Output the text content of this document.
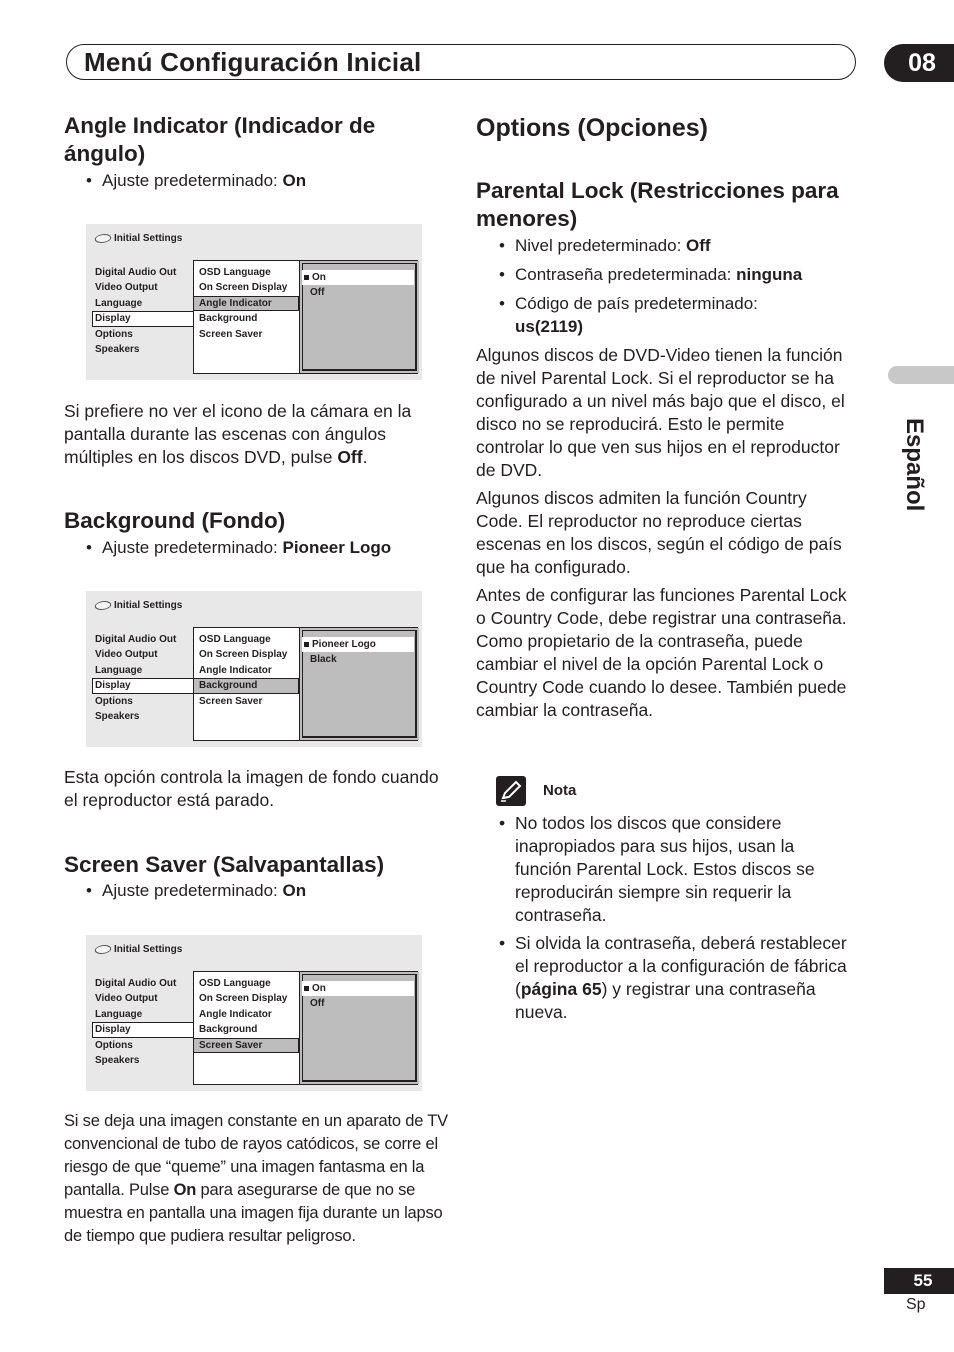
Menú Configuración Inicial	08
Español
Angle Indicator (Indicador de ángulo)
• Ajuste predeterminado: On
Initial Settings
Digital Audio Out
Video Output
Language
Display
Options
Speakers
OSD Language
On Screen Display
Angle Indicator
Background
Screen Saver
On
Off

Si prefiere no ver el icono de la cámara en la pantalla durante las escenas con ángulos múltiples en los discos DVD, pulse Off.

Background (Fondo)
• Ajuste predeterminado: Pioneer Logo
Initial Settings
Digital Audio Out
Video Output
Language
Display
Options
Speakers
OSD Language
On Screen Display
Angle Indicator
Background
Screen Saver
Pioneer Logo
Black

Esta opción controla la imagen de fondo cuando el reproductor está parado.

Screen Saver (Salvapantallas)
• Ajuste predeterminado: On
Initial Settings
Digital Audio Out
Video Output
Language
Display
Options
Speakers
OSD Language
On Screen Display
Angle Indicator
Background
Screen Saver
On
Off

Si se deja una imagen constante en un aparato de TV convencional de tubo de rayos catódicos, se corre el riesgo de que “queme” una imagen fantasma en la pantalla. Pulse On para asegurarse de que no se muestra en pantalla una imagen fija durante un lapso de tiempo que pudiera resultar peligroso.

Options (Opciones)
Parental Lock (Restricciones para menores)
• Nivel predeterminado: Off
• Contraseña predeterminada: ninguna
• Código de país predeterminado:
us(2119)

Algunos discos de DVD-Video tienen la función de nivel Parental Lock. Si el reproductor se ha configurado a un nivel más bajo que el disco, el disco no se reproducirá. Esto le permite controlar lo que ven sus hijos en el reproductor de DVD.

Algunos discos admiten la función Country Code. El reproductor no reproduce ciertas escenas en los discos, según el código de país que ha configurado.

Antes de configurar las funciones Parental Lock o Country Code, debe registrar una contraseña. Como propietario de la contraseña, puede cambiar el nivel de la opción Parental Lock o Country Code cuando lo desee. También puede cambiar la contraseña.

Nota
• No todos los discos que considere inapropiados para sus hijos, usan la función Parental Lock. Estos discos se reproducirán siempre sin requerir la contraseña.
• Si olvida la contraseña, deberá restablecer el reproductor a la configuración de fábrica (página 65) y registrar una contraseña nueva.
55
Sp
